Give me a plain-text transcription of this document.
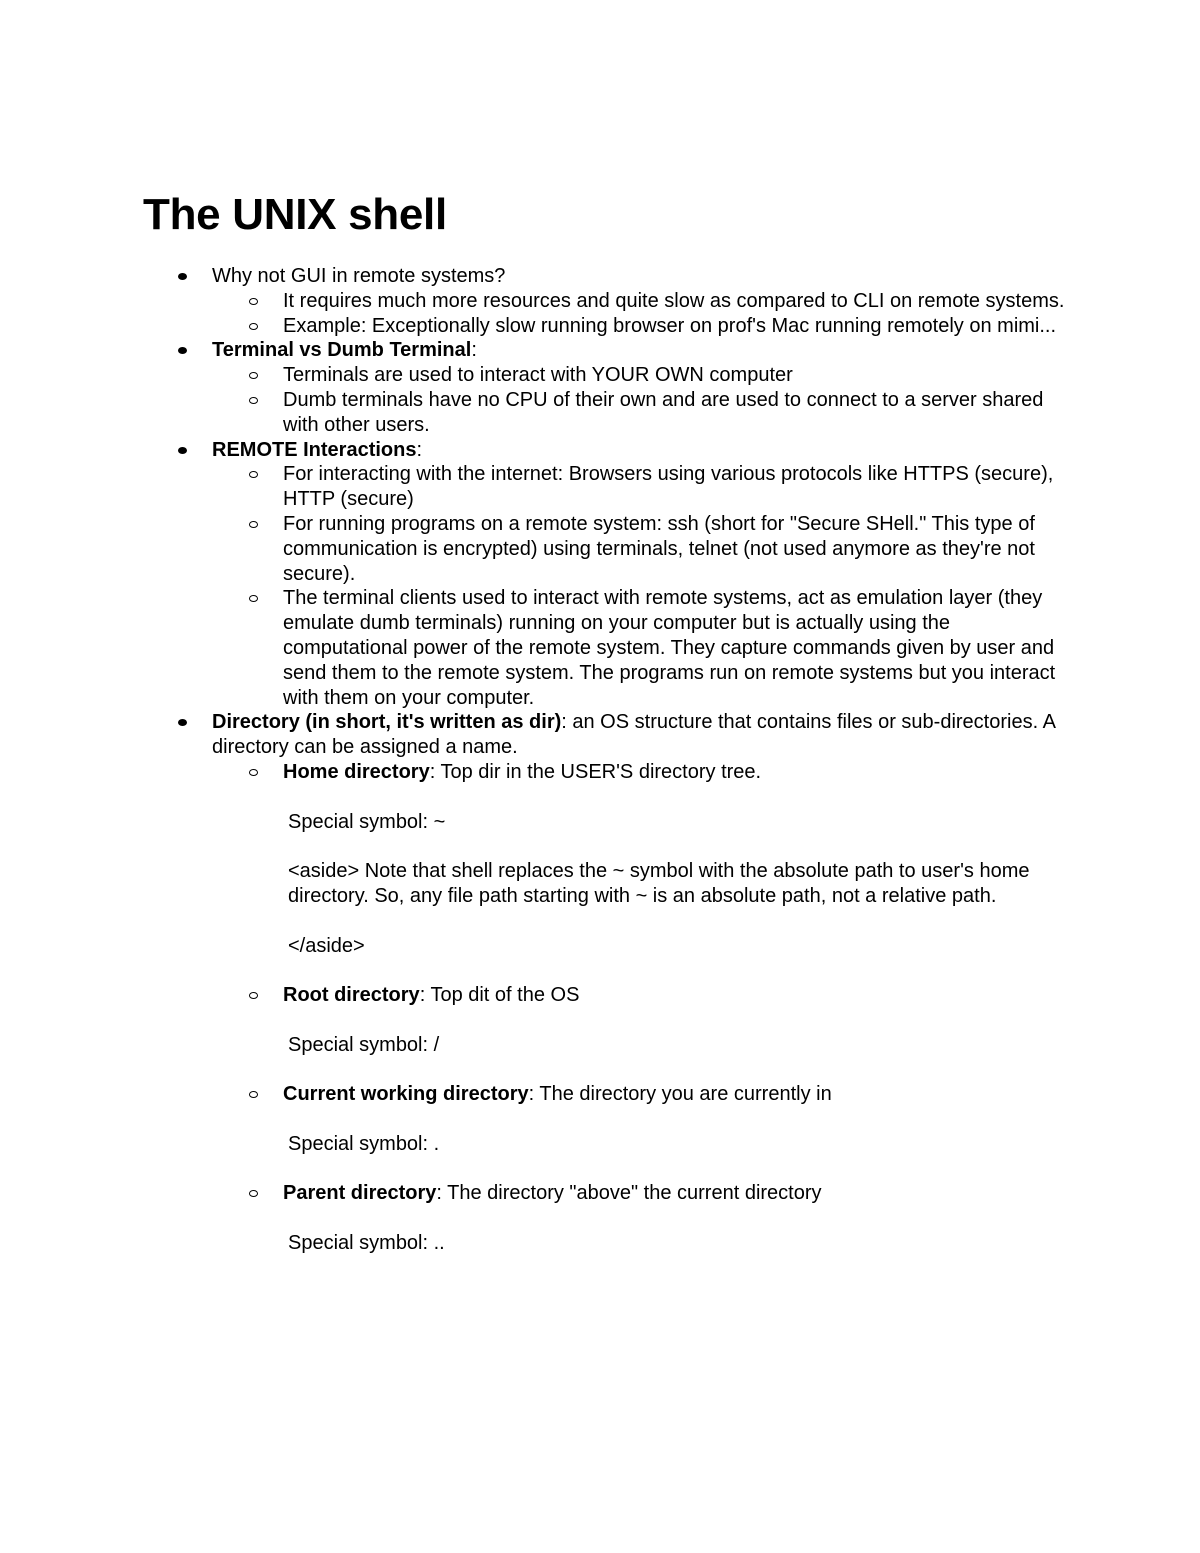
The UNIX shell
Why not GUI in remote systems?
It requires much more resources and quite slow as compared to CLI on remote systems.
Example: Exceptionally slow running browser on prof's Mac running remotely on mimi...
Terminal vs Dumb Terminal:
Terminals are used to interact with YOUR OWN computer
Dumb terminals have no CPU of their own and are used to connect to a server shared with other users.
REMOTE Interactions:
For interacting with the internet: Browsers using various protocols like HTTPS (secure), HTTP (secure)
For running programs on a remote system: ssh (short for "Secure SHell." This type of communication is encrypted) using terminals, telnet (not used anymore as they're not secure).
The terminal clients used to interact with remote systems, act as emulation layer (they emulate dumb terminals) running on your computer but is actually using the computational power of the remote system. They capture commands given by user and send them to the remote system. The programs run on remote systems but you interact with them on your computer.
Directory (in short, it's written as dir): an OS structure that contains files or sub-directories. A directory can be assigned a name.
Home directory: Top dir in the USER'S directory tree.
Special symbol: ~
<aside> Note that shell replaces the ~ symbol with the absolute path to user's home directory. So, any file path starting with ~ is an absolute path, not a relative path.
</aside>
Root directory: Top dit of the OS
Special symbol: /
Current working directory: The directory you are currently in
Special symbol: .
Parent directory: The directory "above" the current directory
Special symbol: ..
